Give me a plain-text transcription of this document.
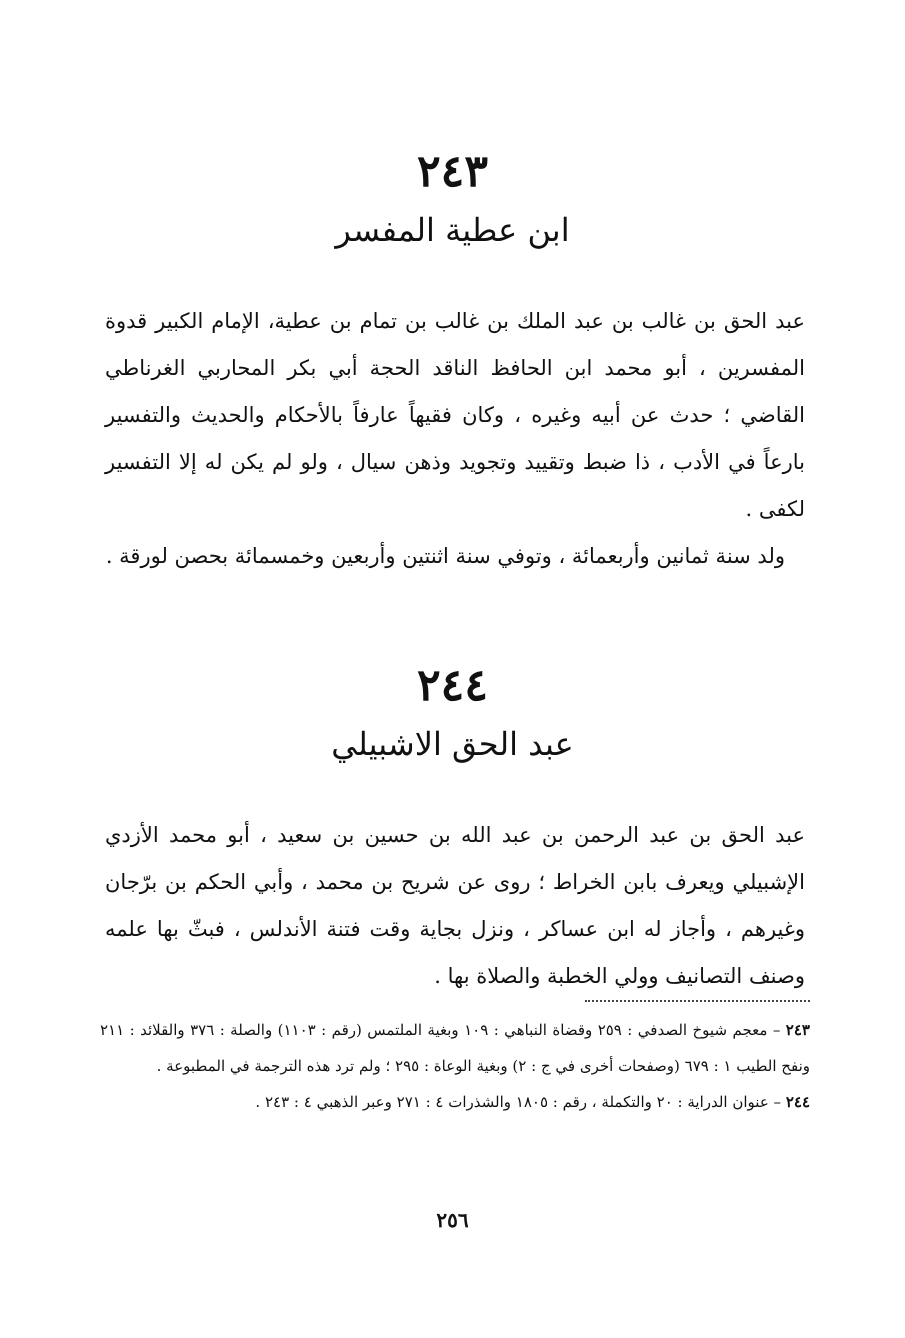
٢٤٣
ابن عطية المفسر

عبد الحق بن غالب بن عبد الملك بن غالب بن تمام بن عطية، الإمام الكبير قدوة المفسرين ، أبو محمد ابن الحافظ الناقد الحجة أبي بكر المحاربي الغرناطي القاضي ؛ حدث عن أبيه وغيره ، وكان فقيهاً عارفاً بالأحكام والحديث والتفسير بارعاً في الأدب ، ذا ضبط وتقييد وتجويد وذهن سيال ، ولو لم يكن له إلا التفسير لكفى .

ولد سنة ثمانين وأربعمائة ، وتوفي سنة اثنتين وأربعين وخمسمائة بحصن لورقة .

٢٤٤
عبد الحق الاشبيلي

عبد الحق بن عبد الرحمن بن عبد الله بن حسين بن سعيد ، أبو محمد الأزدي الإشبيلي ويعرف بابن الخراط ؛ روى عن شريح بن محمد ، وأبي الحكم بن برّجان وغيرهم ، وأجاز له ابن عساكر ، ونزل بجاية وقت فتنة الأندلس ، فبثّ بها علمه وصنف التصانيف وولي الخطبة والصلاة بها .

٢٤٣ – معجم شيوخ الصدفي : ٢٥٩ وقضاة النباهي : ١٠٩ وبغية الملتمس (رقم : ١١٠٣) والصلة : ٣٧٦ والقلائد : ٢١١ ونفح الطيب ١ : ٦٧٩ (وصفحات أخرى في ج : ٢) وبغية الوعاة : ٢٩٥ ؛ ولم ترد هذه الترجمة في المطبوعة .

٢٤٤ – عنوان الدراية : ٢٠ والتكملة ، رقم : ١٨٠٥ والشذرات ٤ : ٢٧١ وعبر الذهبي ٤ : ٢٤٣ .

٢٥٦
